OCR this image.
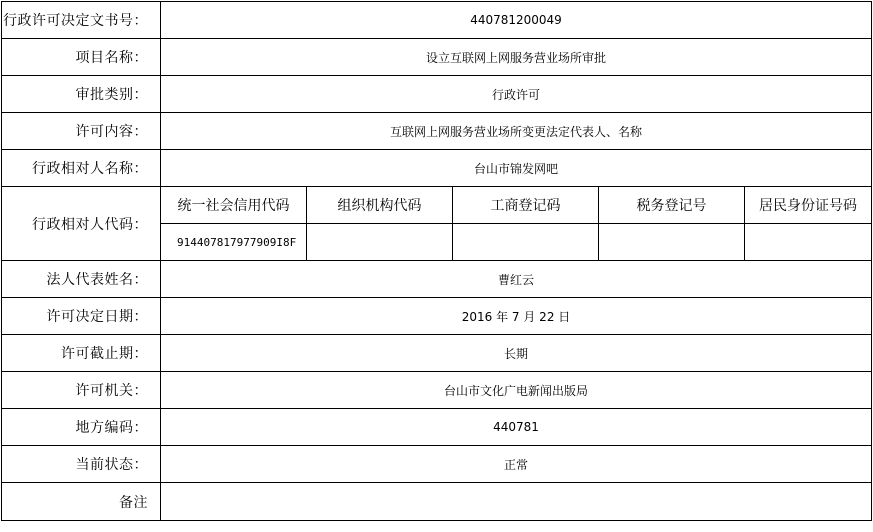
行政许可决定文书号：	440781200049				
项目名称：	设立互联网上网服务营业场所审批				
审批类别：	行政许可				
许可内容：	互联网上网服务营业场所变更法定代表人、名称				
行政相对人名称：	台山市锦发网吧				
行政相对人代码：	统一社会信用代码	组织机构代码	工商登记码	税务登记号	居民身份证号码
	914407817977909I8F				
法人代表姓名：	曹红云				
许可决定日期：	2016 年 7 月 22 日				
许可截止期：	长期				
许可机关：	台山市文化广电新闻出版局				
地方编码：	440781				
当前状态：	正常				
备注					
